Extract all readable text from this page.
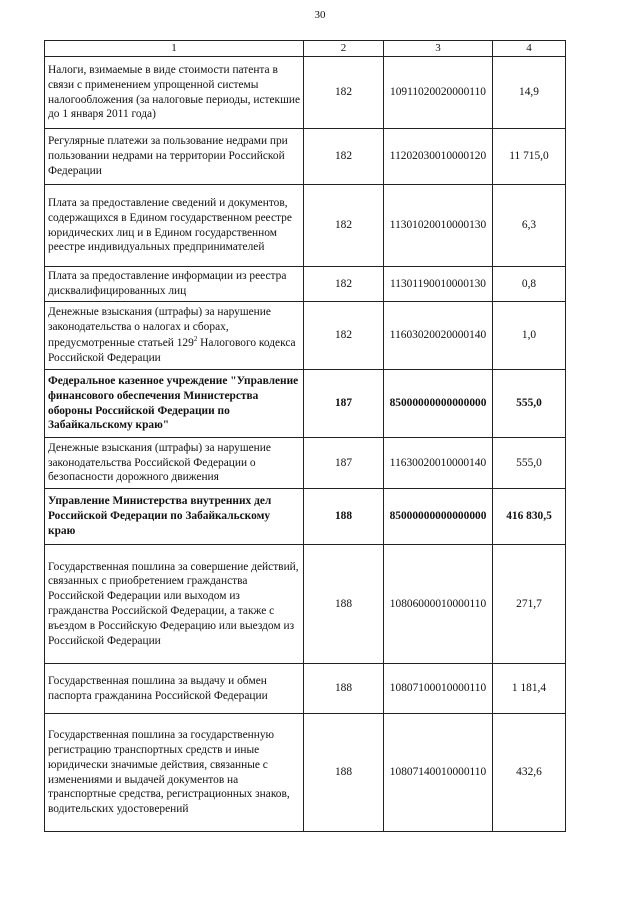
30
1	2	3	4
Налоги, взимаемые в виде стоимости патента в связи с применением упрощенной системы налогообложения (за налоговые периоды, истекшие до 1 января 2011 года)	182	10911020020000110	14,9
Регулярные платежи за пользование недрами при пользовании недрами на территории Российской Федерации	182	11202030010000120	11 715,0
Плата за предоставление сведений и документов, содержащихся в Едином государственном реестре юридических лиц и в Едином государственном реестре индивидуальных предпринимателей	182	11301020010000130	6,3
Плата за предоставление информации из реестра дисквалифицированных лиц	182	11301190010000130	0,8
Денежные взыскания (штрафы) за нарушение законодательства о налогах и сборах, предусмотренные статьей $129^2$ Налогового кодекса Российской Федерации	182	11603020020000140	1,0
Федеральное казенное учреждение "Управление финансового обеспечения Министерства обороны Российской Федерации по Забайкальскому краю"	187	85000000000000000	555,0
Денежные взыскания (штрафы) за нарушение законодательства Российской Федерации о безопасности дорожного движения	187	11630020010000140	555,0
Управление Министерства внутренних дел Российской Федерации по Забайкальскому краю	188	85000000000000000	416 830,5
Государственная пошлина за совершение действий, связанных с приобретением гражданства Российской Федерации или выходом из гражданства Российской Федерации, а также с въездом в Российскую Федерацию или выездом из Российской Федерации	188	10806000010000110	271,7
Государственная пошлина за выдачу и обмен паспорта гражданина Российской Федерации	188	10807100010000110	1 181,4
Государственная пошлина за государственную регистрацию транспортных средств и иные юридически значимые действия, связанные с изменениями и выдачей документов на транспортные средства, регистрационных знаков, водительских удостоверений	188	10807140010000110	432,6
